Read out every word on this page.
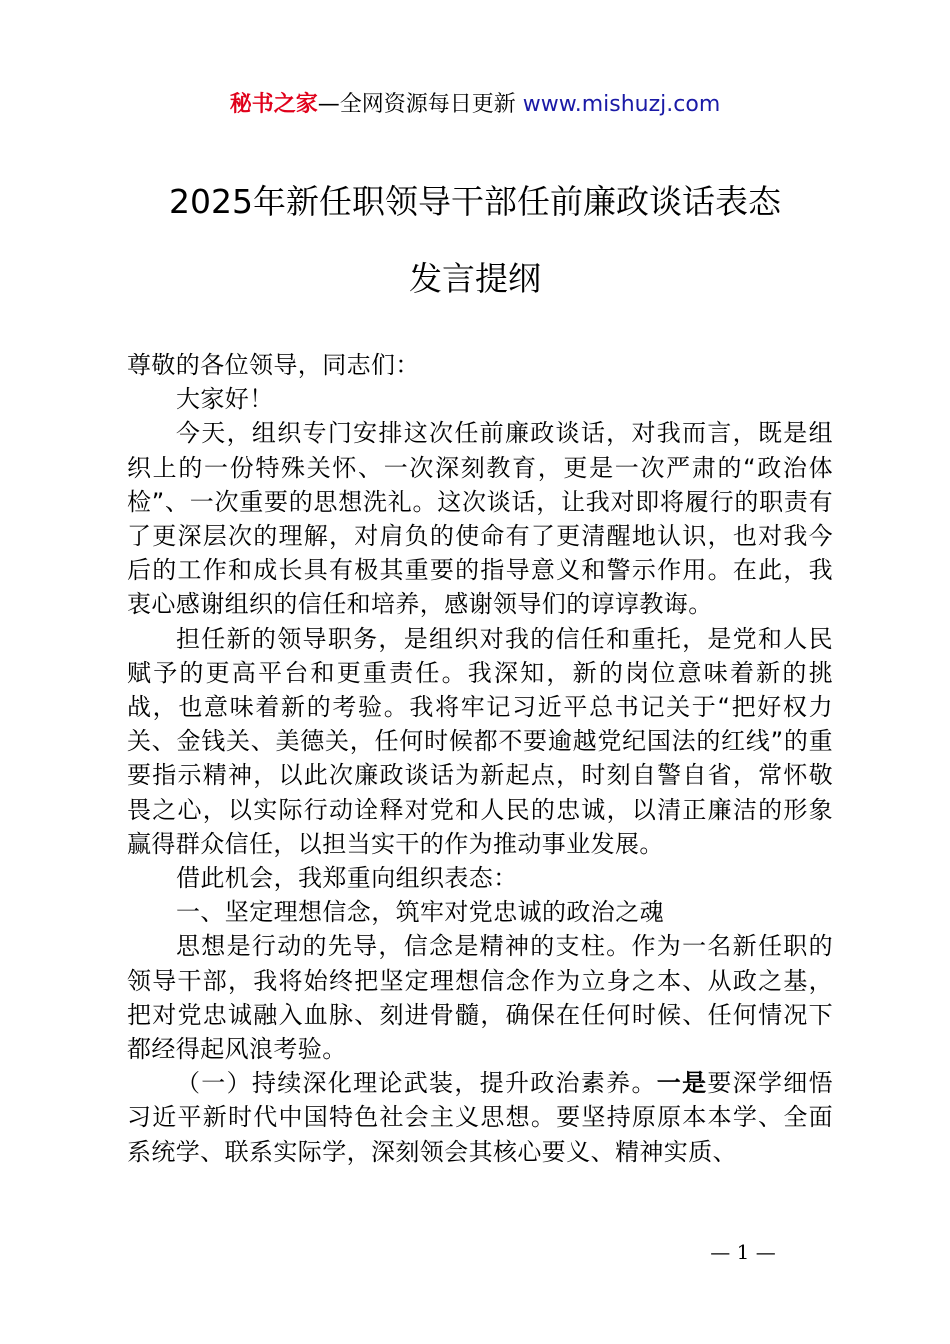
秘书之家—全网资源每日更新 www.mishuzj.com
2025年新任职领导干部任前廉政谈话表态
发言提纲

尊敬的各位领导，同志们：

大家好！

今天，组织专门安排这次任前廉政谈话，对我而言，既是组织上的一份特殊关怀、一次深刻教育，更是一次严肃的“政治体检”、一次重要的思想洗礼。这次谈话，让我对即将履行的职责有了更深层次的理解，对肩负的使命有了更清醒地认识，也对我今后的工作和成长具有极其重要的指导意义和警示作用。在此，我衷心感谢组织的信任和培养，感谢领导们的谆谆教诲。

担任新的领导职务，是组织对我的信任和重托，是党和人民赋予的更高平台和更重责任。我深知，新的岗位意味着新的挑战，也意味着新的考验。我将牢记习近平总书记关于“把好权力关、金钱关、美德关，任何时候都不要逾越党纪国法的红线”的重要指示精神，以此次廉政谈话为新起点，时刻自警自省，常怀敬畏之心，以实际行动诠释对党和人民的忠诚，以清正廉洁的形象赢得群众信任，以担当实干的作为推动事业发展。

借此机会，我郑重向组织表态：

一、坚定理想信念，筑牢对党忠诚的政治之魂

思想是行动的先导，信念是精神的支柱。作为一名新任职的领导干部，我将始终把坚定理想信念作为立身之本、从政之基，把对党忠诚融入血脉、刻进骨髓，确保在任何时候、任何情况下都经得起风浪考验。

（一）持续深化理论武装，提升政治素养。一是要深学细悟习近平新时代中国特色社会主义思想。要坚持原原本本学、全面系统学、联系实际学，深刻领会其核心要义、精神实质、

— 1 —
